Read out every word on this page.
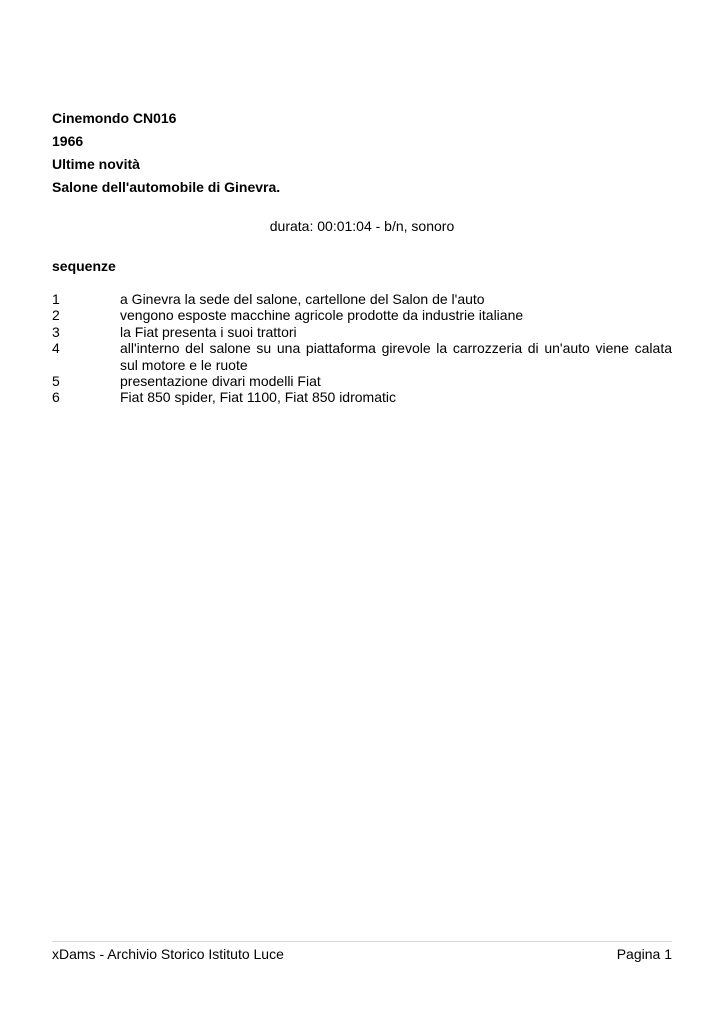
Cinemondo CN016
1966
Ultime novità
Salone dell'automobile di Ginevra.
durata: 00:01:04 - b/n, sonoro
sequenze
1	a Ginevra la sede del salone, cartellone del Salon de l'auto
2	vengono esposte macchine agricole prodotte da industrie italiane
3	la Fiat presenta i suoi trattori
4	all'interno del salone su una piattaforma girevole la carrozzeria di un'auto viene calata sul motore e le ruote
5	presentazione divari modelli Fiat
6	Fiat 850 spider, Fiat 1100, Fiat 850 idromatic
xDams - Archivio Storico Istituto Luce	Pagina 1
